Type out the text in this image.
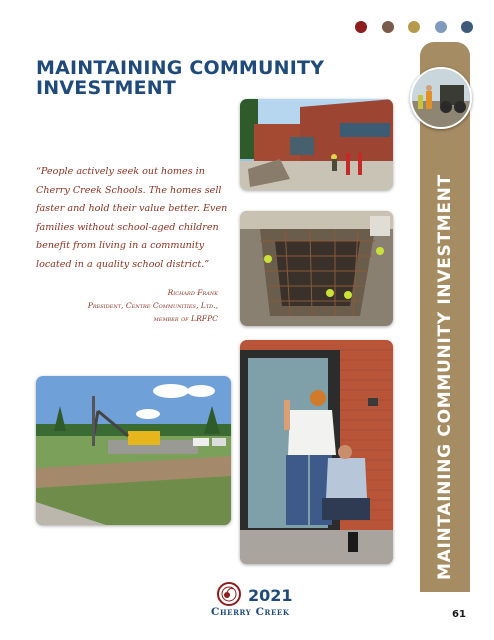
MAINTAINING COMMUNITY INVESTMENT

“People actively seek out homes in Cherry Creek Schools. The homes sell faster and hold their value better. Even families without school-aged children benefit from living in a community located in a quality school district.”

Richard Frank
President, Centre Communities, Ltd.,
member of LRFPC	MAINTAINING COMMUNITY INVESTMENT
2021
Cherry Creek	61
